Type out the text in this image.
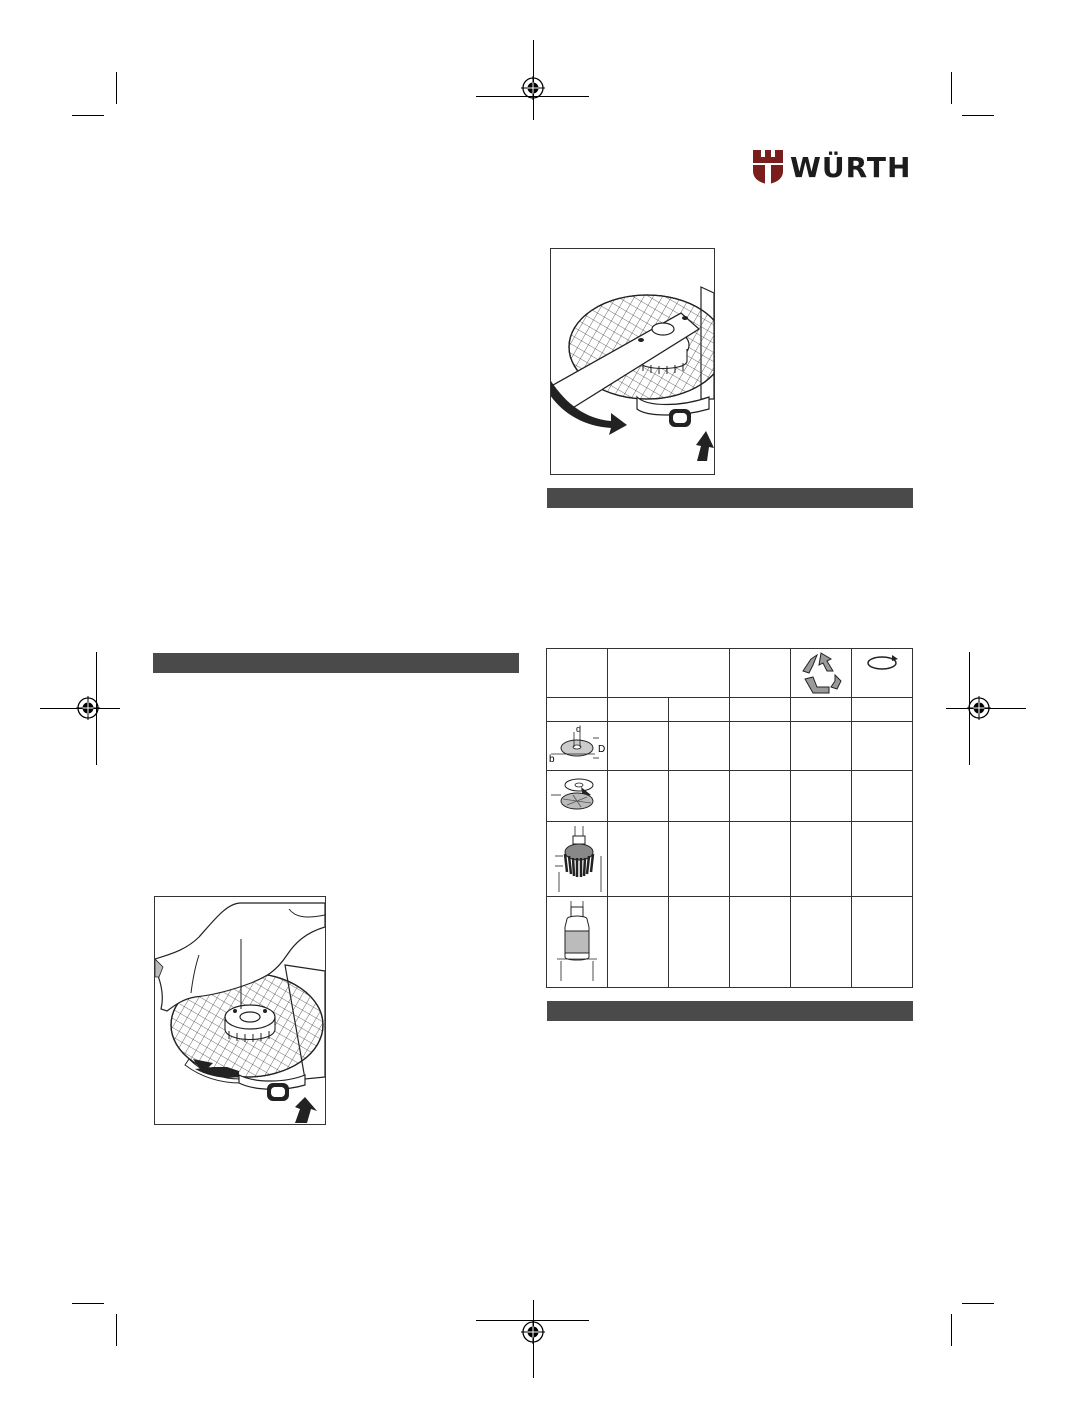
WÜRTH

d
D
b					
